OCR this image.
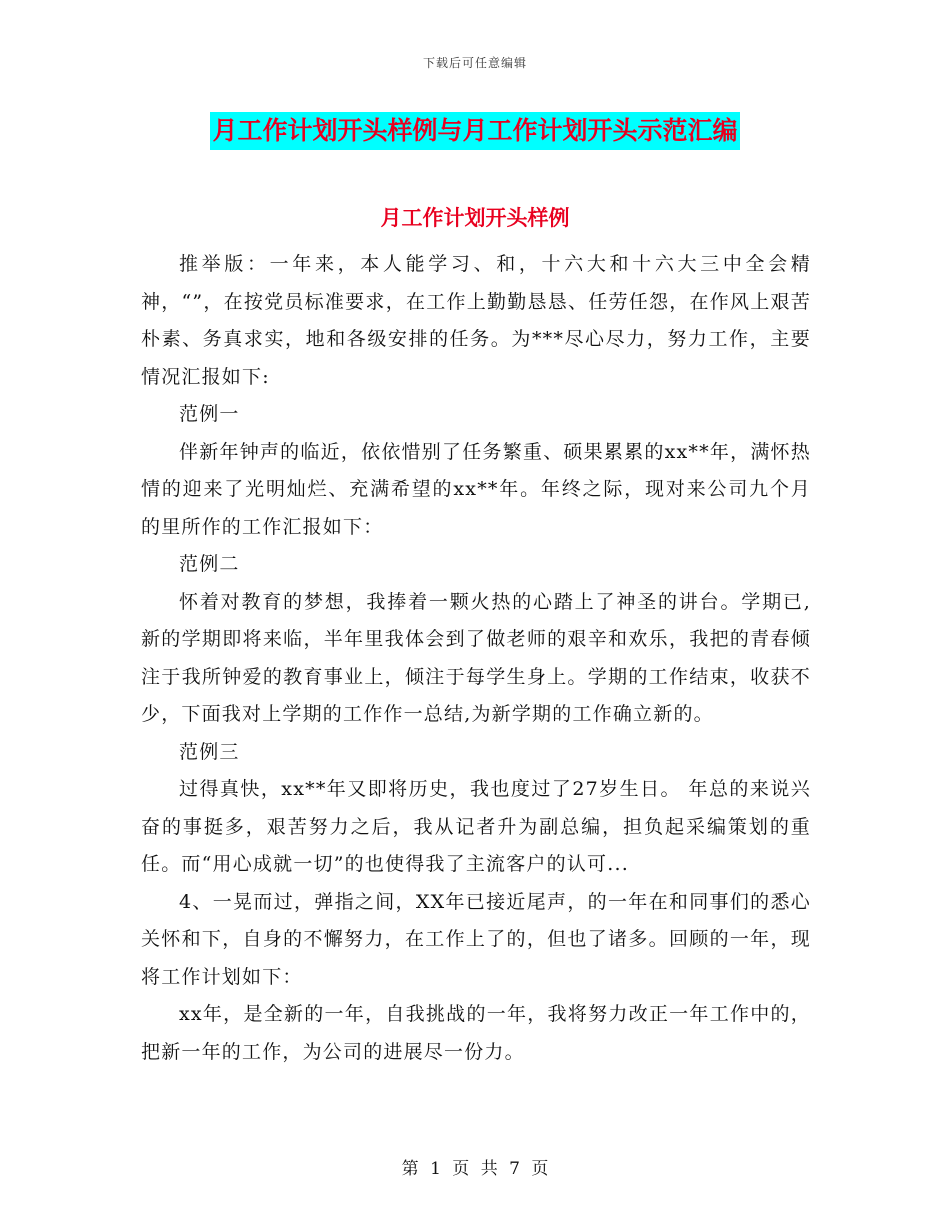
下载后可任意编辑
月工作计划开头样例与月工作计划开头示范汇编
月工作计划开头样例

推举版：一年来，本人能学习、和，十六大和十六大三中全会精神，“”，在按党员标准要求，在工作上勤勤恳恳、任劳任怨，在作风上艰苦朴素、务真求实，地和各级安排的任务。为***尽心尽力，努力工作，主要情况汇报如下:

范例一

伴新年钟声的临近，依依惜别了任务繁重、硕果累累的xx**年，满怀热情的迎来了光明灿烂、充满希望的xx**年。年终之际，现对来公司九个月的里所作的工作汇报如下：

范例二

怀着对教育的梦想，我捧着一颗火热的心踏上了神圣的讲台。学期已,新的学期即将来临，半年里我体会到了做老师的艰辛和欢乐，我把的青春倾注于我所钟爱的教育事业上，倾注于每学生身上。学期的工作结束，收获不少，下面我对上学期的工作作一总结,为新学期的工作确立新的。

范例三

过得真快，xx**年又即将历史，我也度过了27岁生日。 年总的来说兴奋的事挺多，艰苦努力之后，我从记者升为副总编，担负起采编策划的重任。而“用心成就一切”的也使得我了主流客户的认可...

4、一晃而过，弹指之间，XX年已接近尾声，的一年在和同事们的悉心关怀和下，自身的不懈努力，在工作上了的，但也了诸多。回顾的一年，现将工作计划如下：

xx年，是全新的一年，自我挑战的一年，我将努力改正一年工作中的，把新一年的工作，为公司的进展尽一份力。

第 1 页 共 7 页
